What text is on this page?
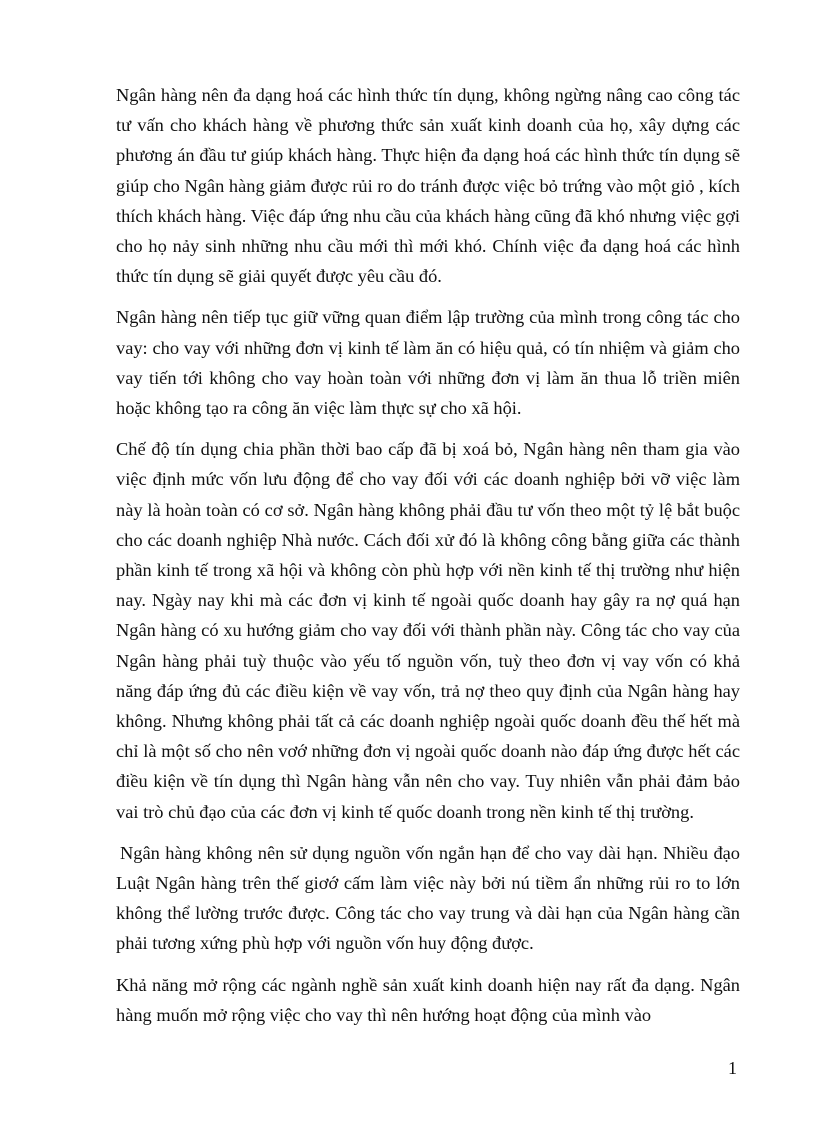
Ngân hàng nên đa dạng hoá các hình thức tín dụng, không ngừng nâng cao công tác tư vấn cho khách hàng về phương thức sản xuất kinh doanh của họ, xây dựng các phương án đầu tư giúp khách hàng. Thực hiện đa dạng hoá các hình thức tín dụng sẽ giúp cho Ngân hàng giảm được rủi ro do tránh được việc bỏ trứng vào một giỏ , kích thích khách hàng. Việc đáp ứng nhu cầu của khách hàng cũng đã khó nhưng việc gợi cho họ nảy sinh những nhu cầu mới thì mới khó. Chính việc đa dạng hoá các hình thức tín dụng sẽ giải quyết được yêu cầu đó.

Ngân hàng nên tiếp tục giữ vững quan điểm lập trường của mình trong công tác cho vay: cho vay với những đơn vị kinh tế làm ăn có hiệu quả, có tín nhiệm và giảm cho vay tiến tới không cho vay hoàn toàn với những đơn vị làm ăn thua lỗ triền miên hoặc không tạo ra công ăn việc làm thực sự cho xã hội.

Chế độ tín dụng chia phần thời bao cấp đã bị xoá bỏ, Ngân hàng nên tham gia vào việc định mức vốn lưu động để cho vay đối với các doanh nghiệp bởi vỡ việc làm này là hoàn toàn có cơ sở. Ngân hàng không phải đầu tư vốn theo một tỷ lệ bắt buộc cho các doanh nghiệp Nhà nước. Cách đối xử đó là không công bằng giữa các thành phần kinh tế trong xã hội và không còn phù hợp với nền kinh tế thị trường như hiện nay. Ngày nay khi mà các đơn vị kinh tế ngoài quốc doanh hay gây ra nợ quá hạn Ngân hàng có xu hướng giảm cho vay đối với thành phần này. Công tác cho vay của Ngân hàng phải tuỳ thuộc vào yếu tố nguồn vốn, tuỳ theo đơn vị vay vốn có khả năng đáp ứng đủ các điều kiện về vay vốn, trả nợ theo quy định của Ngân hàng hay không. Nhưng không phải tất cả các doanh nghiệp ngoài quốc doanh đều thế hết mà chỉ là một số cho nên vơớ những đơn vị ngoài quốc doanh nào đáp ứng được hết các điều kiện về tín dụng thì Ngân hàng vẫn nên cho vay. Tuy nhiên vẫn phải đảm bảo vai trò chủ đạo của các đơn vị kinh tế quốc doanh trong nền kinh tế thị trường.

Ngân hàng không nên sử dụng nguồn vốn ngắn hạn để cho vay dài hạn. Nhiều đạo Luật Ngân hàng trên thế giơớ cấm làm việc này bởi nú tiềm ẩn những rủi ro to lớn không thể lường trước được. Công tác cho vay trung và dài hạn của Ngân hàng cần phải tương xứng phù hợp với nguồn vốn huy động được.

Khả năng mở rộng các ngành nghề sản xuất kinh doanh hiện nay rất đa dạng. Ngân hàng muốn mở rộng việc cho vay thì nên hướng hoạt động của mình vào

1
